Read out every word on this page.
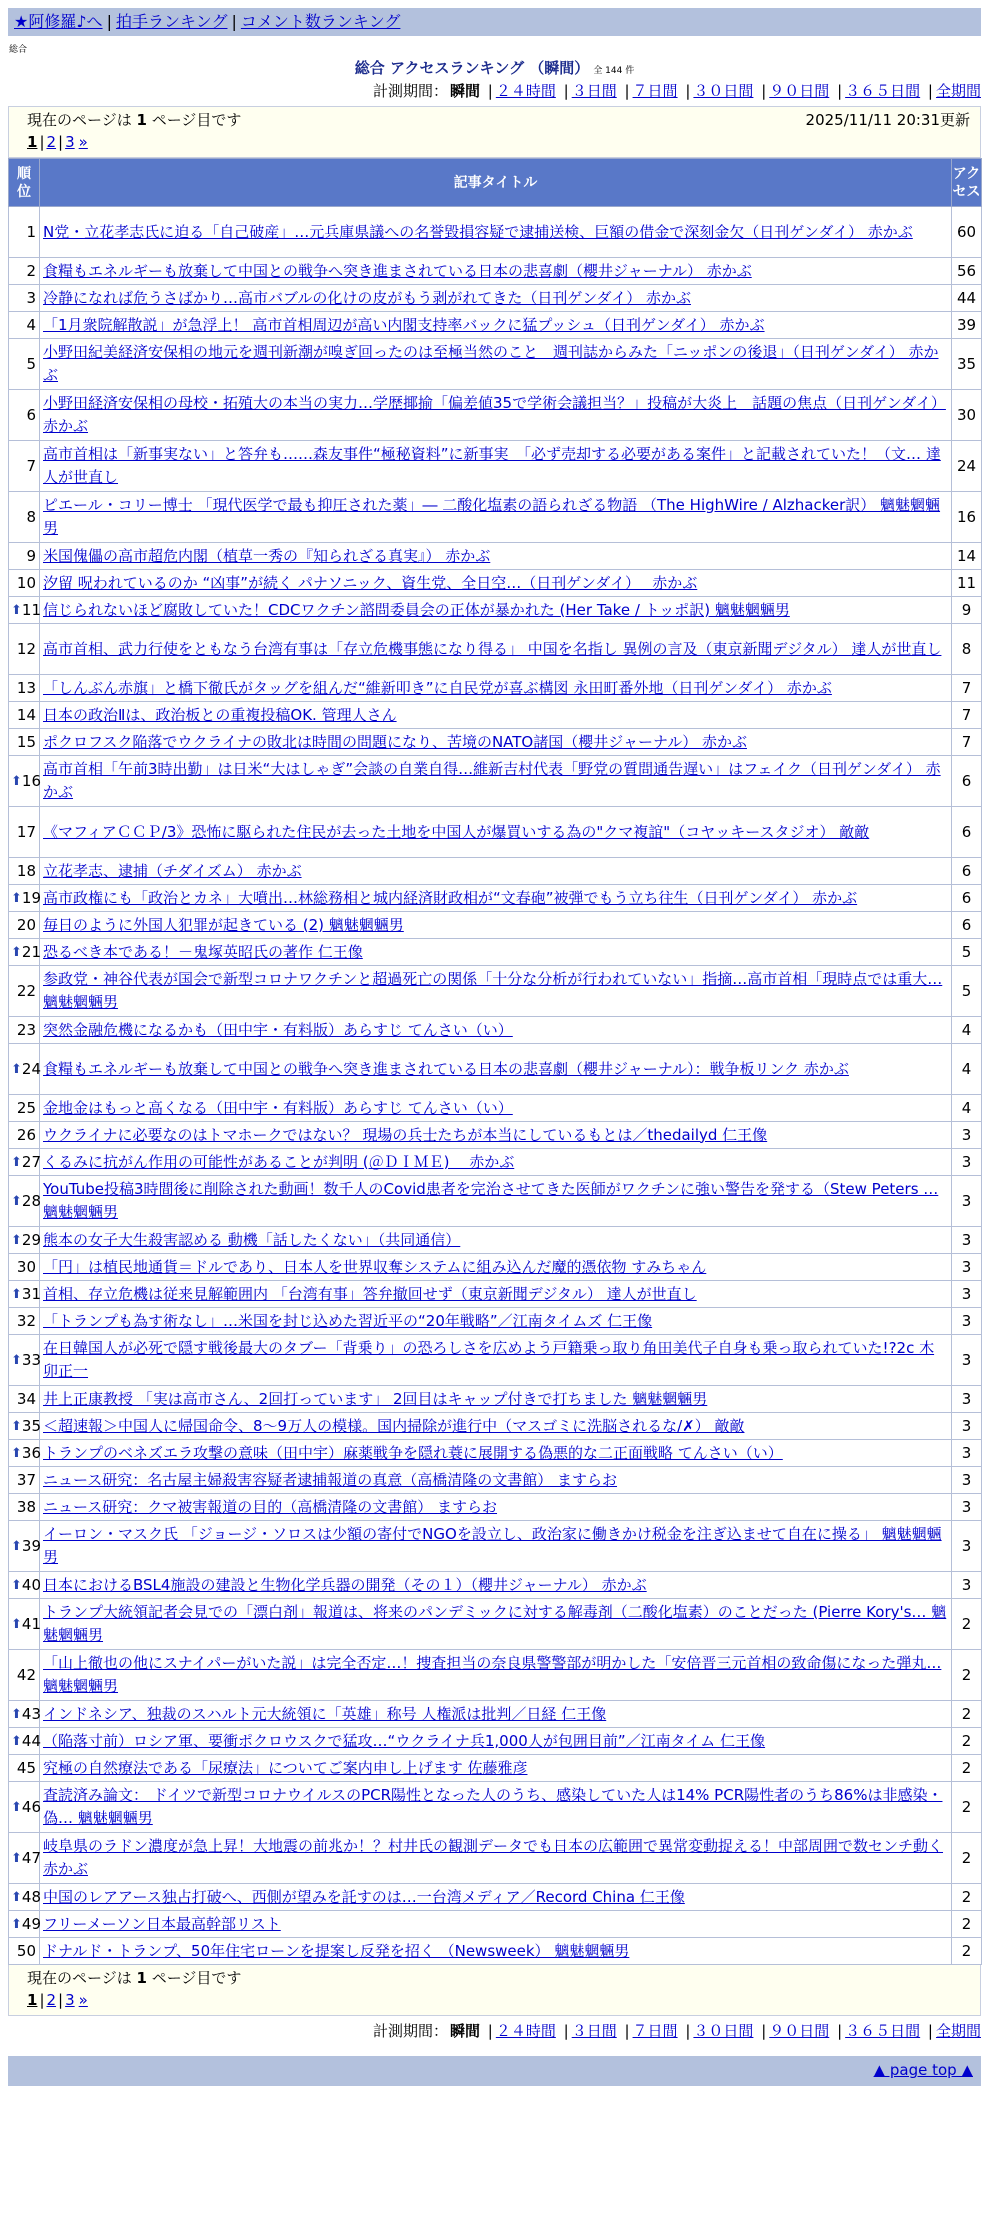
★阿修羅♪へ | 拍手ランキング | コメント数ランキング
総合
総合 アクセスランキング （瞬間） 全 144 件
計測期間： 瞬間 | ２４時間 | ３日間 | ７日間 | ３０日間 | ９０日間 | ３６５日間 | 全期間
現在のページは 1 ページ目です	2025/11/11 20:31更新
1 | 2 | 3 »
順
位	記事タイトル	アク
セス
1	N党・立花孝志氏に迫る「自己破産」…元兵庫県議への名誉毀損容疑で逮捕送検、巨額の借金で深刻金欠（日刊ゲンダイ） 赤かぶ	60
2	食糧もエネルギーも放棄して中国との戦争へ突き進まされている日本の悲喜劇（櫻井ジャーナル） 赤かぶ	56
3	冷静になれば危うさばかり…高市バブルの化けの皮がもう剥がれてきた（日刊ゲンダイ） 赤かぶ	44
4	「1月衆院解散説」が急浮上！ 高市首相周辺が高い内閣支持率バックに猛プッシュ（日刊ゲンダイ） 赤かぶ	39
5	小野田紀美経済安保相の地元を週刊新潮が嗅ぎ回ったのは至極当然のこと　週刊誌からみた「ニッポンの後退」（日刊ゲンダイ） 赤かぶ	35
6	小野田経済安保相の母校・拓殖大の本当の実力…学歴揶揄「偏差値35で学術会議担当？」投稿が大炎上　話題の焦点（日刊ゲンダイ） 赤かぶ	30
7	高市首相は「新事実ない」と答弁も……森友事件“極秘資料”に新事実　「必ず売却する必要がある案件」と記載されていた！（文… 達人が世直し	24
8	ピエール・コリー博士 「現代医学で最も抑圧された薬」― 二酸化塩素の語られざる物語 （The HighWire / Alzhacker訳） 魑魅魍魎男	16
9	米国傀儡の高市超危内閣（植草一秀の『知られざる真実』） 赤かぶ	14
10	汐留 呪われているのか “凶事”が続く パナソニック、資生党、全日空…（日刊ゲンダイ）　 赤かぶ	11

⬆ 11	信じられないほど腐敗していた！CDCワクチン諮問委員会の正体が暴かれた (Her Take / トッポ訳) 魑魅魍魎男	9
12	高市首相、武力行使をともなう台湾有事は「存立危機事態になり得る」 中国を名指し 異例の言及（東京新聞デジタル） 達人が世直し	8
13	「しんぶん赤旗」と橋下徹氏がタッグを組んだ“維新叩き”に自民党が喜ぶ構図 永田町番外地（日刊ゲンダイ） 赤かぶ	7
14	日本の政治Ⅱは、政治板との重複投稿OK. 管理人さん	7
15	ポクロフスク陥落でウクライナの敗北は時間の問題になり、苦境のNATO諸国（櫻井ジャーナル） 赤かぶ	7

⬆ 16	高市首相「午前3時出勤」は日米“大はしゃぎ”会談の自業自得…維新吉村代表「野党の質問通告遅い」はフェイク（日刊ゲンダイ） 赤かぶ	6
17	《マフィアＣＣＰ/3》恐怖に駆られた住民が去った土地を中国人が爆買いする為の"クマ複誼"（コヤッキースタジオ） 敵敵	6
18	立花孝志、逮捕（チダイズム） 赤かぶ	6

⬆ 19	高市政権にも「政治とカネ」大噴出…林総務相と城内経済財政相が“文春砲”被弾でもう立ち往生（日刊ゲンダイ） 赤かぶ	6
20	毎日のように外国人犯罪が起きている (2) 魑魅魍魎男	6

⬆ 21	恐るべき本である！－鬼塚英昭氏の著作 仁王像	5
22	参政党・神谷代表が国会で新型コロナワクチンと超過死亡の関係「十分な分析が行われていない」指摘…高市首相「現時点では重大… 魑魅魍魎男	5
23	突然金融危機になるかも（田中宇・有料版）あらすじ てんさい（い）	4

⬆ 24	食糧もエネルギーも放棄して中国との戦争へ突き進まされている日本の悲喜劇（櫻井ジャーナル）：戦争板リンク 赤かぶ	4
25	金地金はもっと高くなる（田中宇・有料版）あらすじ てんさい（い）	4
26	ウクライナに必要なのはトマホークではない？ 現場の兵士たちが本当にしているもとは／thedailyd 仁王像	3

⬆ 27	くるみに抗がん作用の可能性があることが判明 (＠ＤＩＭＥ)　 赤かぶ	3

⬆ 28	YouTube投稿3時間後に削除された動画！数千人のCovid患者を完治させてきた医師がワクチンに強い警告を発する（Stew Peters … 魑魅魍魎男	3

⬆ 29	熊本の女子大生殺害認める 動機「話したくない」（共同通信）	3
30	「円」は植民地通貨＝ドルであり、日本人を世界収奪システムに組み込んだ魔的憑依物 すみちゃん	3

⬆ 31	首相、存立危機は従来見解範囲内 「台湾有事」答弁撤回せず（東京新聞デジタル） 達人が世直し	3
32	「トランプも為す術なし」…米国を封じ込めた習近平の“20年戦略”／江南タイムズ 仁王像	3

⬆ 33	在日韓国人が必死で隠す戦後最大のタブー「背乗り」の恐ろしさを広めよう戸籍乗っ取り角田美代子自身も乗っ取られていた!?2c 木卯正一	3
34	井上正康教授 「実は高市さん、2回打っています」 2回目はキャップ付きで打ちました 魑魅魍魎男	3

⬆ 35	＜超速報＞中国人に帰国命令、8〜9万人の模様。国内掃除が進行中（マスゴミに洗脳されるな/✗） 敵敵	3

⬆ 36	トランプのベネズエラ攻撃の意味（田中宇）麻薬戦争を隠れ蓑に展開する偽悪的な二正面戦略 てんさい（い）	3
37	ニュース研究：名古屋主婦殺害容疑者逮捕報道の真意（高橋清隆の文書館） ますらお	3
38	ニュース研究：クマ被害報道の目的（高橋清隆の文書館） ますらお	3

⬆ 39	イーロン・マスク氏 「ジョージ・ソロスは少額の寄付でNGOを設立し、政治家に働きかけ税金を注ぎ込ませて自在に操る」 魑魅魍魎男	3

⬆ 40	日本におけるBSL4施設の建設と生物化学兵器の開発（その１）（櫻井ジャーナル） 赤かぶ	3

⬆ 41	トランプ大統領記者会見での「漂白剤」報道は、将来のパンデミックに対する解毒剤（二酸化塩素）のことだった (Pierre Kory's… 魑魅魍魎男	2
42	「山上徹也の他にスナイパーがいた説」は完全否定…！捜査担当の奈良県警警部が明かした「安倍晋三元首相の致命傷になった弾丸… 魑魅魍魎男	2

⬆ 43	インドネシア、独裁のスハルト元大統領に「英雄」称号 人権派は批判／日経 仁王像	2

⬆ 44	（陥落寸前）ロシア軍、要衝ポクロウスクで猛攻…“ウクライナ兵1,000人が包囲目前”／江南タイム 仁王像	2
45	究極の自然療法である「尿療法」についてご案内申し上げます 佐藤雅彦	2

⬆ 46	査読済み論文： ドイツで新型コロナウイルスのPCR陽性となった人のうち、感染していた人は14% PCR陽性者のうち86%は非感染・偽… 魑魅魍魎男	2

⬆ 47	岐阜県のラドン濃度が急上昇！大地震の前兆か！？村井氏の観測データでも日本の広範囲で異常変動捉える！中部周囲で数センチ動く 赤かぶ	2

⬆ 48	中国のレアアース独占打破へ、西側が望みを託すのは…一台湾メディア／Record China 仁王像	2

⬆ 49	フリーメーソン日本最高幹部リスト	2
50	ドナルド・トランプ、50年住宅ローンを提案し反発を招く （Newsweek） 魑魅魍魎男	2
現在のページは 1 ページ目です
1 | 2 | 3 »
計測期間： 瞬間 | ２４時間 | ３日間 | ７日間 | ３０日間 | ９０日間 | ３６５日間 | 全期間
▲ page top ▲
